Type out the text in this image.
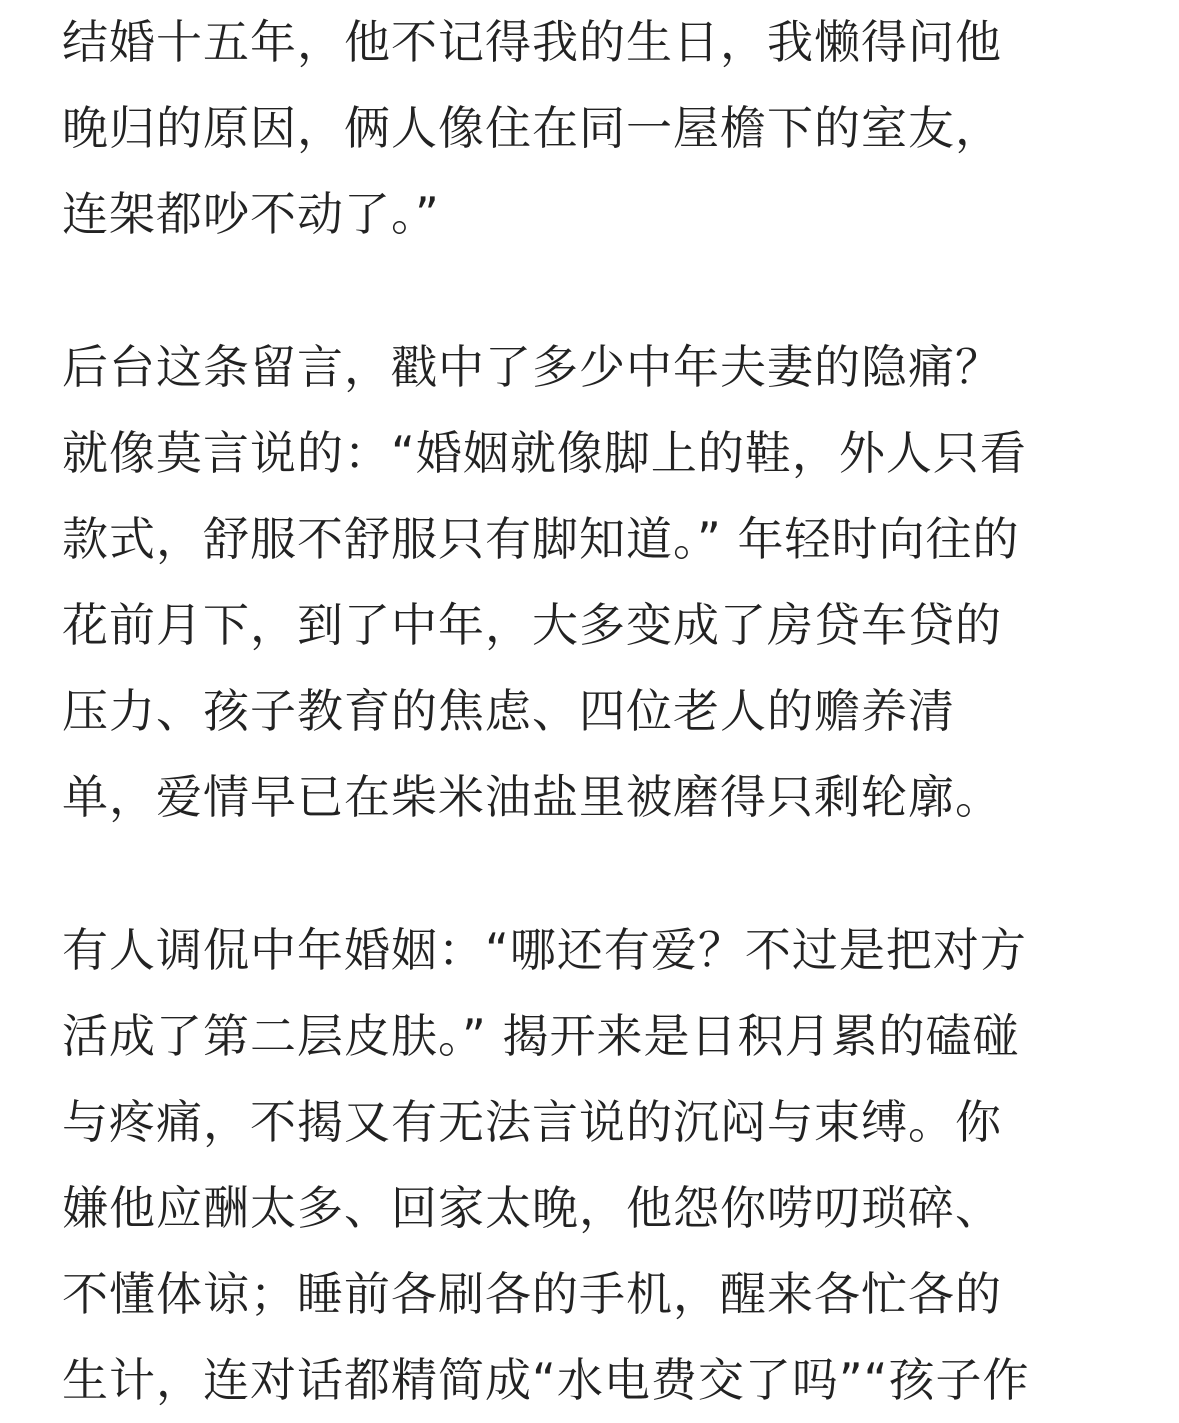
结婚十五年，他不记得我的生日，我懒得问他
晚归的原因，俩人像住在同一屋檐下的室友，
连架都吵不动了。”
后台这条留言，戳中了多少中年夫妻的隐痛？
就像莫言说的：“婚姻就像脚上的鞋，外人只看
款式，舒服不舒服只有脚知道。” 年轻时向往的
花前月下，到了中年，大多变成了房贷车贷的
压力、孩子教育的焦虑、四位老人的赡养清
单，爱情早已在柴米油盐里被磨得只剩轮廓。
有人调侃中年婚姻：“哪还有爱？不过是把对方
活成了第二层皮肤。” 揭开来是日积月累的磕碰
与疼痛，不揭又有无法言说的沉闷与束缚。你
嫌他应酬太多、回家太晚，他怨你唠叨琐碎、
不懂体谅；睡前各刷各的手机，醒来各忙各的
生计，连对话都精简成“水电费交了吗”“孩子作
